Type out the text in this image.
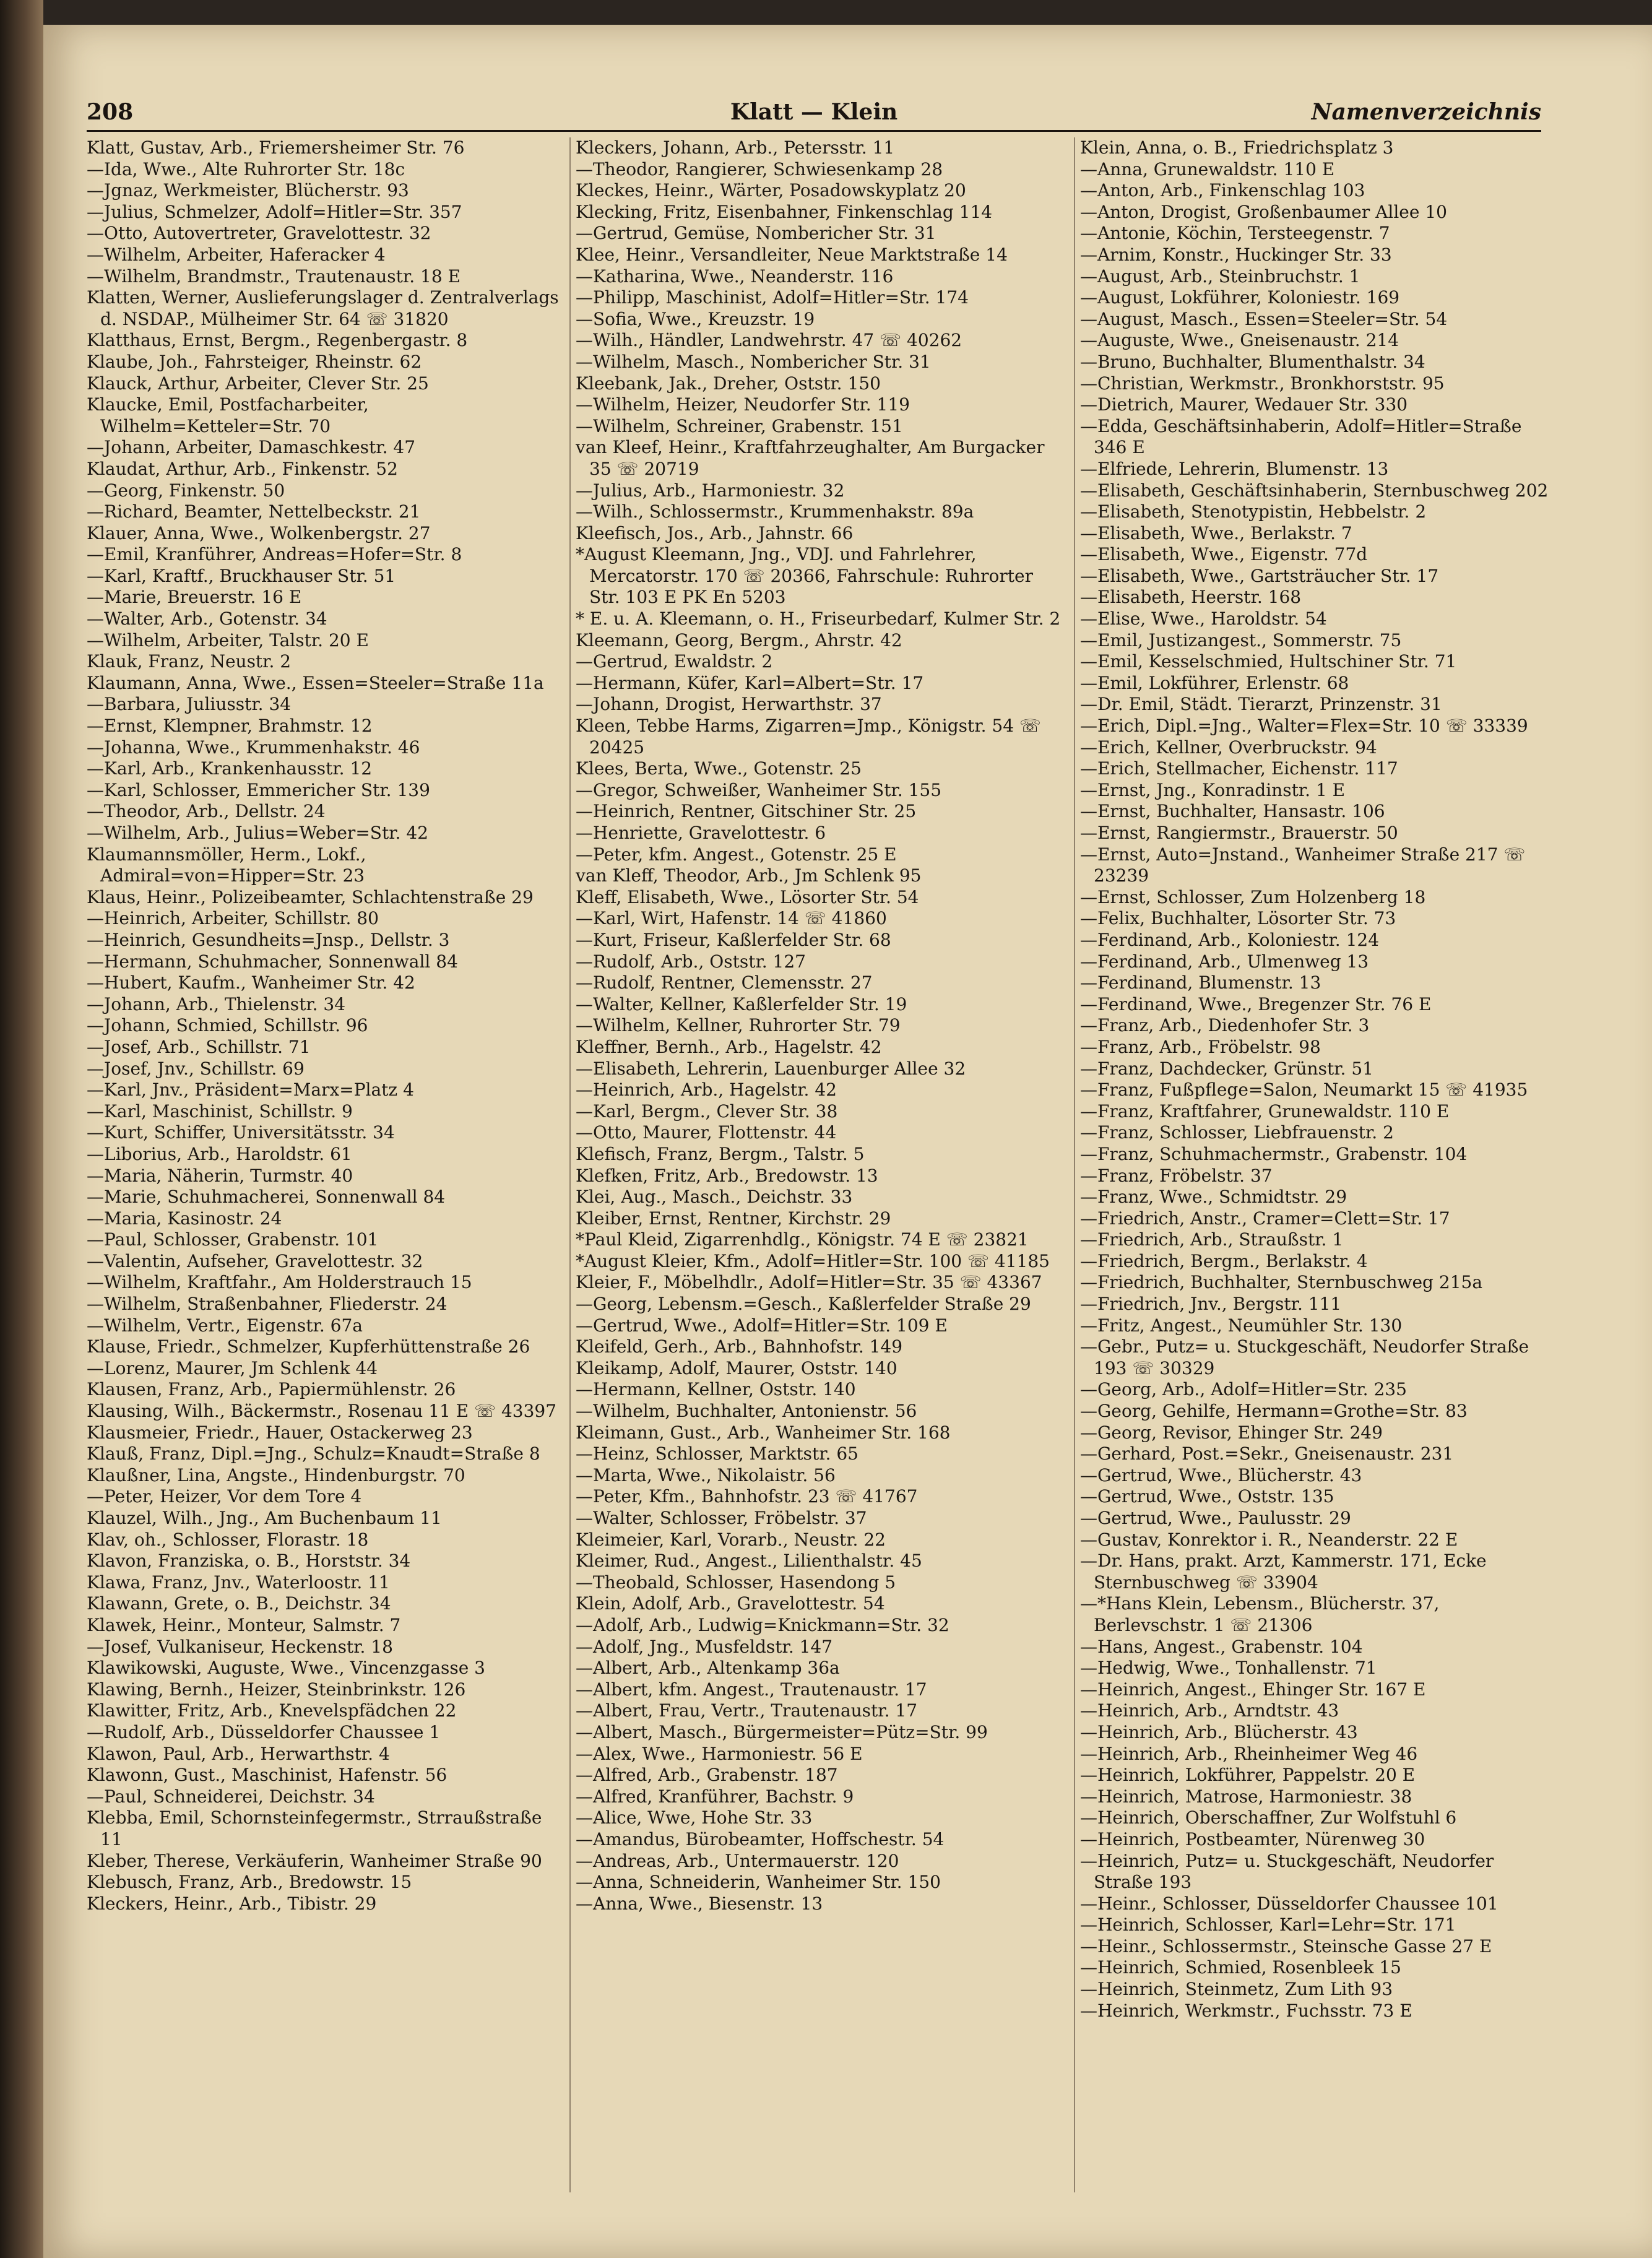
208	Klatt — Klein	Namenverzeichnis
Klatt, Gustav, Arb., Friemersheimer Str. 76
—Ida, Wwe., Alte Ruhrorter Str. 18c
—Jgnaz, Werkmeister, Blücherstr. 93
—Julius, Schmelzer, Adolf=Hitler=Str. 357
—Otto, Autovertreter, Gravelottestr. 32
—Wilhelm, Arbeiter, Haferacker 4
—Wilhelm, Brandmstr., Trautenaustr. 18 E
Klatten, Werner, Auslieferungslager d. Zentralverlags d. NSDAP., Mülheimer Str. 64 ☏ 31820
Klatthaus, Ernst, Bergm., Regenbergastr. 8
Klaube, Joh., Fahrsteiger, Rheinstr. 62
Klauck, Arthur, Arbeiter, Clever Str. 25
Klaucke, Emil, Postfacharbeiter, Wilhelm=Ketteler=Str. 70
—Johann, Arbeiter, Damaschkestr. 47
Klaudat, Arthur, Arb., Finkenstr. 52
—Georg, Finkenstr. 50
—Richard, Beamter, Nettelbeckstr. 21
Klauer, Anna, Wwe., Wolkenbergstr. 27
—Emil, Kranführer, Andreas=Hofer=Str. 8
—Karl, Kraftf., Bruckhauser Str. 51
—Marie, Breuerstr. 16 E
—Walter, Arb., Gotenstr. 34
—Wilhelm, Arbeiter, Talstr. 20 E
Klauk, Franz, Neustr. 2
Klaumann, Anna, Wwe., Essen=Steeler=Straße 11a
—Barbara, Juliusstr. 34
—Ernst, Klempner, Brahmstr. 12
—Johanna, Wwe., Krummenhakstr. 46
—Karl, Arb., Krankenhausstr. 12
—Karl, Schlosser, Emmericher Str. 139
—Theodor, Arb., Dellstr. 24
—Wilhelm, Arb., Julius=Weber=Str. 42
Klaumannsmöller, Herm., Lokf., Admiral=von=Hipper=Str. 23
Klaus, Heinr., Polizeibeamter, Schlachtenstraße 29
—Heinrich, Arbeiter, Schillstr. 80
—Heinrich, Gesundheits=Jnsp., Dellstr. 3
—Hermann, Schuhmacher, Sonnenwall 84
—Hubert, Kaufm., Wanheimer Str. 42
—Johann, Arb., Thielenstr. 34
—Johann, Schmied, Schillstr. 96
—Josef, Arb., Schillstr. 71
—Josef, Jnv., Schillstr. 69
—Karl, Jnv., Präsident=Marx=Platz 4
—Karl, Maschinist, Schillstr. 9
—Kurt, Schiffer, Universitätsstr. 34
—Liborius, Arb., Haroldstr. 61
—Maria, Näherin, Turmstr. 40
—Marie, Schuhmacherei, Sonnenwall 84
—Maria, Kasinostr. 24
—Paul, Schlosser, Grabenstr. 101
—Valentin, Aufseher, Gravelottestr. 32
—Wilhelm, Kraftfahr., Am Holderstrauch 15
—Wilhelm, Straßenbahner, Fliederstr. 24
—Wilhelm, Vertr., Eigenstr. 67a
Klause, Friedr., Schmelzer, Kupferhüttenstraße 26
—Lorenz, Maurer, Jm Schlenk 44
Klausen, Franz, Arb., Papiermühlenstr. 26
Klausing, Wilh., Bäckermstr., Rosenau 11 E ☏ 43397
Klausmeier, Friedr., Hauer, Ostackerweg 23
Klauß, Franz, Dipl.=Jng., Schulz=Knaudt=Straße 8
Klaußner, Lina, Angste., Hindenburgstr. 70
—Peter, Heizer, Vor dem Tore 4
Klauzel, Wilh., Jng., Am Buchenbaum 11
Klav, oh., Schlosser, Florastr. 18
Klavon, Franziska, o. B., Horststr. 34
Klawa, Franz, Jnv., Waterloostr. 11
Klawann, Grete, o. B., Deichstr. 34
Klawek, Heinr., Monteur, Salmstr. 7
—Josef, Vulkaniseur, Heckenstr. 18
Klawikowski, Auguste, Wwe., Vincenzgasse 3
Klawing, Bernh., Heizer, Steinbrinkstr. 126
Klawitter, Fritz, Arb., Knevelspfädchen 22
—Rudolf, Arb., Düsseldorfer Chaussee 1
Klawon, Paul, Arb., Herwarthstr. 4
Klawonn, Gust., Maschinist, Hafenstr. 56
—Paul, Schneiderei, Deichstr. 34
Klebba, Emil, Schornsteinfegermstr., Strraußstraße 11
Kleber, Therese, Verkäuferin, Wanheimer Straße 90
Klebusch, Franz, Arb., Bredowstr. 15
Kleckers, Heinr., Arb., Tibistr. 29
Kleckers, Johann, Arb., Petersstr. 11
—Theodor, Rangierer, Schwiesenkamp 28
Kleckes, Heinr., Wärter, Posadowskyplatz 20
Klecking, Fritz, Eisenbahner, Finkenschlag 114
—Gertrud, Gemüse, Nombericher Str. 31
Klee, Heinr., Versandleiter, Neue Marktstraße 14
—Katharina, Wwe., Neanderstr. 116
—Philipp, Maschinist, Adolf=Hitler=Str. 174
—Sofia, Wwe., Kreuzstr. 19
—Wilh., Händler, Landwehrstr. 47 ☏ 40262
—Wilhelm, Masch., Nombericher Str. 31
Kleebank, Jak., Dreher, Oststr. 150
—Wilhelm, Heizer, Neudorfer Str. 119
—Wilhelm, Schreiner, Grabenstr. 151
van Kleef, Heinr., Kraftfahrzeughalter, Am Burgacker 35 ☏ 20719
—Julius, Arb., Harmoniestr. 32
—Wilh., Schlossermstr., Krummenhakstr. 89a
Kleefisch, Jos., Arb., Jahnstr. 66
*August Kleemann, Jng., VDJ. und Fahrlehrer, Mercatorstr. 170 ☏ 20366, Fahrschule: Ruhrorter Str. 103 E PK En 5203
* E. u. A. Kleemann, o. H., Friseurbedarf, Kulmer Str. 2
Kleemann, Georg, Bergm., Ahrstr. 42
—Gertrud, Ewaldstr. 2
—Hermann, Küfer, Karl=Albert=Str. 17
—Johann, Drogist, Herwarthstr. 37
Kleen, Tebbe Harms, Zigarren=Jmp., Königstr. 54 ☏ 20425
Klees, Berta, Wwe., Gotenstr. 25
—Gregor, Schweißer, Wanheimer Str. 155
—Heinrich, Rentner, Gitschiner Str. 25
—Henriette, Gravelottestr. 6
—Peter, kfm. Angest., Gotenstr. 25 E
van Kleff, Theodor, Arb., Jm Schlenk 95
Kleff, Elisabeth, Wwe., Lösorter Str. 54
—Karl, Wirt, Hafenstr. 14 ☏ 41860
—Kurt, Friseur, Kaßlerfelder Str. 68
—Rudolf, Arb., Oststr. 127
—Rudolf, Rentner, Clemensstr. 27
—Walter, Kellner, Kaßlerfelder Str. 19
—Wilhelm, Kellner, Ruhrorter Str. 79
Kleffner, Bernh., Arb., Hagelstr. 42
—Elisabeth, Lehrerin, Lauenburger Allee 32
—Heinrich, Arb., Hagelstr. 42
—Karl, Bergm., Clever Str. 38
—Otto, Maurer, Flottenstr. 44
Klefisch, Franz, Bergm., Talstr. 5
Klefken, Fritz, Arb., Bredowstr. 13
Klei, Aug., Masch., Deichstr. 33
Kleiber, Ernst, Rentner, Kirchstr. 29
*Paul Kleid, Zigarrenhdlg., Königstr. 74 E ☏ 23821
*August Kleier, Kfm., Adolf=Hitler=Str. 100 ☏ 41185
Kleier, F., Möbelhdlr., Adolf=Hitler=Str. 35 ☏ 43367
—Georg, Lebensm.=Gesch., Kaßlerfelder Straße 29
—Gertrud, Wwe., Adolf=Hitler=Str. 109 E
Kleifeld, Gerh., Arb., Bahnhofstr. 149
Kleikamp, Adolf, Maurer, Oststr. 140
—Hermann, Kellner, Oststr. 140
—Wilhelm, Buchhalter, Antonienstr. 56
Kleimann, Gust., Arb., Wanheimer Str. 168
—Heinz, Schlosser, Marktstr. 65
—Marta, Wwe., Nikolaistr. 56
—Peter, Kfm., Bahnhofstr. 23 ☏ 41767
—Walter, Schlosser, Fröbelstr. 37
Kleimeier, Karl, Vorarb., Neustr. 22
Kleimer, Rud., Angest., Lilienthalstr. 45
—Theobald, Schlosser, Hasendong 5
Klein, Adolf, Arb., Gravelottestr. 54
—Adolf, Arb., Ludwig=Knickmann=Str. 32
—Adolf, Jng., Musfeldstr. 147
—Albert, Arb., Altenkamp 36a
—Albert, kfm. Angest., Trautenaustr. 17
—Albert, Frau, Vertr., Trautenaustr. 17
—Albert, Masch., Bürgermeister=Pütz=Str. 99
—Alex, Wwe., Harmoniestr. 56 E
—Alfred, Arb., Grabenstr. 187
—Alfred, Kranführer, Bachstr. 9
—Alice, Wwe, Hohe Str. 33
—Amandus, Bürobeamter, Hoffschestr. 54
—Andreas, Arb., Untermauerstr. 120
—Anna, Schneiderin, Wanheimer Str. 150
—Anna, Wwe., Biesenstr. 13
Klein, Anna, o. B., Friedrichsplatz 3
—Anna, Grunewaldstr. 110 E
—Anton, Arb., Finkenschlag 103
—Anton, Drogist, Großenbaumer Allee 10
—Antonie, Köchin, Tersteegenstr. 7
—Arnim, Konstr., Huckinger Str. 33
—August, Arb., Steinbruchstr. 1
—August, Lokführer, Koloniestr. 169
—August, Masch., Essen=Steeler=Str. 54
—Auguste, Wwe., Gneisenaustr. 214
—Bruno, Buchhalter, Blumenthalstr. 34
—Christian, Werkmstr., Bronkhorststr. 95
—Dietrich, Maurer, Wedauer Str. 330
—Edda, Geschäftsinhaberin, Adolf=Hitler=Straße 346 E
—Elfriede, Lehrerin, Blumenstr. 13
—Elisabeth, Geschäftsinhaberin, Sternbuschweg 202
—Elisabeth, Stenotypistin, Hebbelstr. 2
—Elisabeth, Wwe., Berlakstr. 7
—Elisabeth, Wwe., Eigenstr. 77d
—Elisabeth, Wwe., Gartsträucher Str. 17
—Elisabeth, Heerstr. 168
—Elise, Wwe., Haroldstr. 54
—Emil, Justizangest., Sommerstr. 75
—Emil, Kesselschmied, Hultschiner Str. 71
—Emil, Lokführer, Erlenstr. 68
—Dr. Emil, Städt. Tierarzt, Prinzenstr. 31
—Erich, Dipl.=Jng., Walter=Flex=Str. 10 ☏ 33339
—Erich, Kellner, Overbruckstr. 94
—Erich, Stellmacher, Eichenstr. 117
—Ernst, Jng., Konradinstr. 1 E
—Ernst, Buchhalter, Hansastr. 106
—Ernst, Rangiermstr., Brauerstr. 50
—Ernst, Auto=Jnstand., Wanheimer Straße 217 ☏ 23239
—Ernst, Schlosser, Zum Holzenberg 18
—Felix, Buchhalter, Lösorter Str. 73
—Ferdinand, Arb., Koloniestr. 124
—Ferdinand, Arb., Ulmenweg 13
—Ferdinand, Blumenstr. 13
—Ferdinand, Wwe., Bregenzer Str. 76 E
—Franz, Arb., Diedenhofer Str. 3
—Franz, Arb., Fröbelstr. 98
—Franz, Dachdecker, Grünstr. 51
—Franz, Fußpflege=Salon, Neumarkt 15 ☏ 41935
—Franz, Kraftfahrer, Grunewaldstr. 110 E
—Franz, Schlosser, Liebfrauenstr. 2
—Franz, Schuhmachermstr., Grabenstr. 104
—Franz, Fröbelstr. 37
—Franz, Wwe., Schmidtstr. 29
—Friedrich, Anstr., Cramer=Clett=Str. 17
—Friedrich, Arb., Straußstr. 1
—Friedrich, Bergm., Berlakstr. 4
—Friedrich, Buchhalter, Sternbuschweg 215a
—Friedrich, Jnv., Bergstr. 111
—Fritz, Angest., Neumühler Str. 130
—Gebr., Putz= u. Stuckgeschäft, Neudorfer Straße 193 ☏ 30329
—Georg, Arb., Adolf=Hitler=Str. 235
—Georg, Gehilfe, Hermann=Grothe=Str. 83
—Georg, Revisor, Ehinger Str. 249
—Gerhard, Post.=Sekr., Gneisenaustr. 231
—Gertrud, Wwe., Blücherstr. 43
—Gertrud, Wwe., Oststr. 135
—Gertrud, Wwe., Paulusstr. 29
—Gustav, Konrektor i. R., Neanderstr. 22 E
—Dr. Hans, prakt. Arzt, Kammerstr. 171, Ecke Sternbuschweg ☏ 33904
—*Hans Klein, Lebensm., Blücherstr. 37, Berlevschstr. 1 ☏ 21306
—Hans, Angest., Grabenstr. 104
—Hedwig, Wwe., Tonhallenstr. 71
—Heinrich, Angest., Ehinger Str. 167 E
—Heinrich, Arb., Arndtstr. 43
—Heinrich, Arb., Blücherstr. 43
—Heinrich, Arb., Rheinheimer Weg 46
—Heinrich, Lokführer, Pappelstr. 20 E
—Heinrich, Matrose, Harmoniestr. 38
—Heinrich, Oberschaffner, Zur Wolfstuhl 6
—Heinrich, Postbeamter, Nürenweg 30
—Heinrich, Putz= u. Stuckgeschäft, Neudorfer Straße 193
—Heinr., Schlosser, Düsseldorfer Chaussee 101
—Heinrich, Schlosser, Karl=Lehr=Str. 171
—Heinr., Schlossermstr., Steinsche Gasse 27 E
—Heinrich, Schmied, Rosenbleek 15
—Heinrich, Steinmetz, Zum Lith 93
—Heinrich, Werkmstr., Fuchsstr. 73 E
